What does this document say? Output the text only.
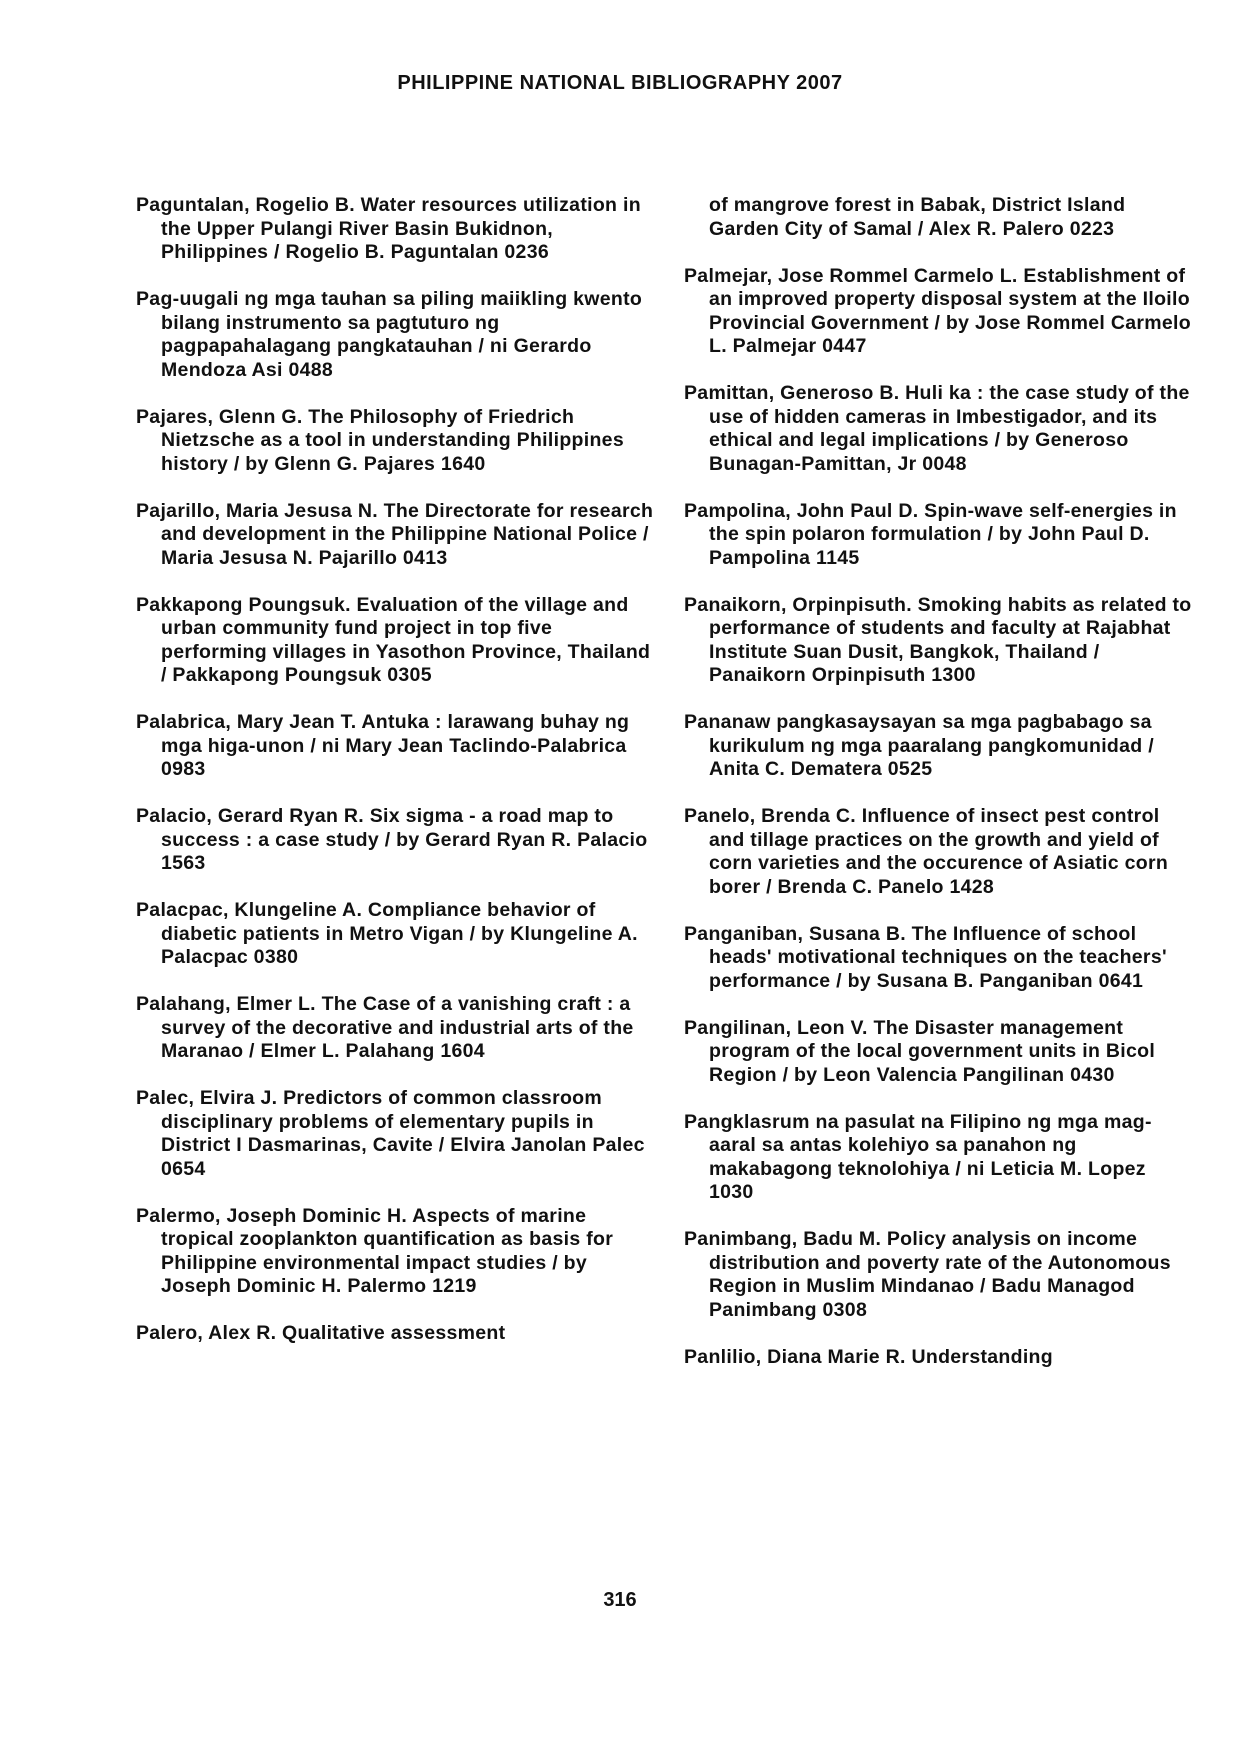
PHILIPPINE NATIONAL BIBLIOGRAPHY 2007
Paguntalan, Rogelio B. Water resources utilization in the Upper Pulangi River Basin Bukidnon, Philippines / Rogelio B. Paguntalan 0236
Pag-uugali ng mga tauhan sa piling maiikling kwento bilang instrumento sa pagtuturo ng pagpapahalagang pangkatauhan / ni Gerardo Mendoza Asi 0488
Pajares, Glenn G. The Philosophy of Friedrich Nietzsche as a tool in understanding Philippines history / by Glenn G. Pajares 1640
Pajarillo, Maria Jesusa N. The Directorate for research and development in the Philippine National Police / Maria Jesusa N. Pajarillo 0413
Pakkapong Poungsuk. Evaluation of the village and urban community fund project in top five performing villages in Yasothon Province, Thailand / Pakkapong Poungsuk 0305
Palabrica, Mary Jean T. Antuka : larawang buhay ng mga higa-unon / ni Mary Jean Taclindo-Palabrica 0983
Palacio, Gerard Ryan R. Six sigma - a road map to success : a case study / by Gerard Ryan R. Palacio 1563
Palacpac, Klungeline A. Compliance behavior of diabetic patients in Metro Vigan / by Klungeline A. Palacpac 0380
Palahang, Elmer L. The Case of a vanishing craft : a survey of the decorative and industrial arts of the Maranao / Elmer L. Palahang 1604
Palec, Elvira J. Predictors of common classroom disciplinary problems of elementary pupils in District I Dasmarinas, Cavite / Elvira Janolan Palec 0654
Palermo, Joseph Dominic H. Aspects of marine tropical zooplankton quantification as basis for Philippine environmental impact studies / by Joseph Dominic H. Palermo 1219
Palero, Alex R. Qualitative assessment
of mangrove forest in Babak, District Island Garden City of Samal / Alex R. Palero 0223
Palmejar, Jose Rommel Carmelo L. Establishment of an improved property disposal system at the Iloilo Provincial Government / by Jose Rommel Carmelo L. Palmejar 0447
Pamittan, Generoso B. Huli ka : the case study of the use of hidden cameras in Imbestigador, and its ethical and legal implications / by Generoso Bunagan-Pamittan, Jr 0048
Pampolina, John Paul D. Spin-wave self-energies in the spin polaron formulation / by John Paul D. Pampolina 1145
Panaikorn, Orpinpisuth. Smoking habits as related to performance of students and faculty at Rajabhat Institute Suan Dusit, Bangkok, Thailand / Panaikorn Orpinpisuth 1300
Pananaw pangkasaysayan sa mga pagbabago sa kurikulum ng mga paaralang pangkomunidad / Anita C. Dematera 0525
Panelo, Brenda C. Influence of insect pest control and tillage practices on the growth and yield of corn varieties and the occurence of Asiatic corn borer / Brenda C. Panelo 1428
Panganiban, Susana B. The Influence of school heads' motivational techniques on the teachers' performance / by Susana B. Panganiban 0641
Pangilinan, Leon V. The Disaster management program of the local government units in Bicol Region / by Leon Valencia Pangilinan 0430
Pangklasrum na pasulat na Filipino ng mga mag-aaral sa antas kolehiyo sa panahon ng makabagong teknolohiya / ni Leticia M. Lopez 1030
Panimbang, Badu M. Policy analysis on income distribution and poverty rate of the Autonomous Region in Muslim Mindanao / Badu Managod Panimbang 0308
Panlilio, Diana Marie R. Understanding
316
